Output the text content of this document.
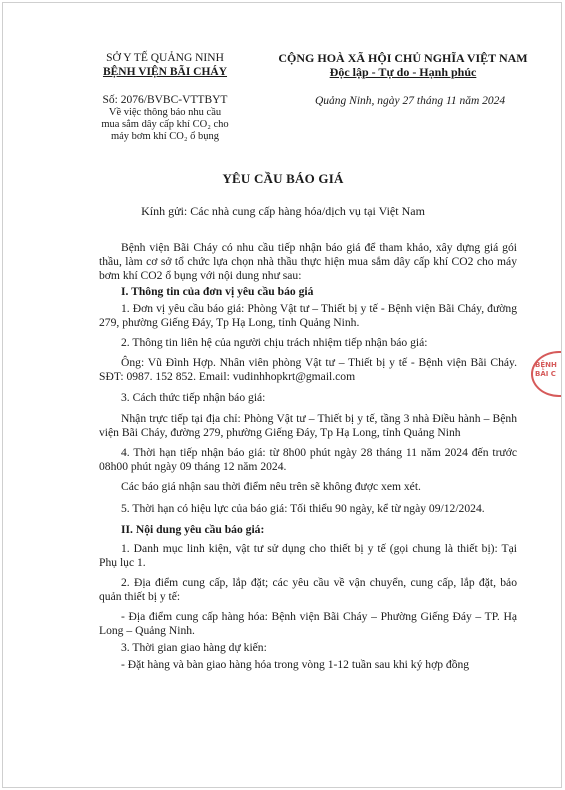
SỞ Y TẾ QUẢNG NINH
BỆNH VIỆN BÃI CHÁY
CỘNG HOÀ XÃ HỘI CHỦ NGHĨA VIỆT NAM
Độc lập - Tự do - Hạnh phúc
Số: 2076/BVBC-VTTBYT
Về việc thông báo nhu cầu
mua sắm dây cấp khí CO₂ cho
máy bơm khí CO₂ ổ bụng
Quảng Ninh, ngày 27 tháng 11 năm 2024
YÊU CẦU BÁO GIÁ
Kính gửi: Các nhà cung cấp hàng hóa/dịch vụ tại Việt Nam

Bệnh viện Bãi Cháy có nhu cầu tiếp nhận báo giá để tham khảo, xây dựng giá gói thầu, làm cơ sở tổ chức lựa chọn nhà thầu thực hiện mua sắm dây cấp khí CO2 cho máy bơm khí CO2 ổ bụng với nội dung như sau:

I. Thông tin của đơn vị yêu cầu báo giá

1. Đơn vị yêu cầu báo giá: Phòng Vật tư – Thiết bị y tế - Bệnh viện Bãi Cháy, đường 279, phường Giếng Đáy, Tp Hạ Long, tỉnh Quảng Ninh.

2. Thông tin liên hệ của người chịu trách nhiệm tiếp nhận báo giá:

Ông: Vũ Đình Hợp. Nhân viên phòng Vật tư – Thiết bị y tế - Bệnh viện Bãi Cháy. SĐT: 0987. 152 852. Email: vudinhhopkrt@gmail.com

3. Cách thức tiếp nhận báo giá:

Nhận trực tiếp tại địa chỉ: Phòng Vật tư – Thiết bị y tế, tầng 3 nhà Điều hành – Bệnh viện Bãi Cháy, đường 279, phường Giếng Đáy, Tp Hạ Long, tỉnh Quảng Ninh

4. Thời hạn tiếp nhận báo giá: từ 8h00 phút ngày 28 tháng 11 năm 2024 đến trước 08h00 phút ngày 09 tháng 12 năm 2024.

Các báo giá nhận sau thời điểm nêu trên sẽ không được xem xét.

5. Thời hạn có hiệu lực của báo giá: Tối thiểu 90 ngày, kể từ ngày 09/12/2024.

II. Nội dung yêu cầu báo giá:

1. Danh mục linh kiện, vật tư sử dụng cho thiết bị y tế (gọi chung là thiết bị): Tại Phụ lục 1.

2. Địa điểm cung cấp, lắp đặt; các yêu cầu về vận chuyển, cung cấp, lắp đặt, bảo quản thiết bị y tế:

- Địa điểm cung cấp hàng hóa: Bệnh viện Bãi Cháy – Phường Giếng Đáy – TP. Hạ Long – Quảng Ninh.

3. Thời gian giao hàng dự kiến:

- Đặt hàng và bàn giao hàng hóa trong vòng 1-12 tuần sau khi ký hợp đồng

BỆNH
BÃI C
